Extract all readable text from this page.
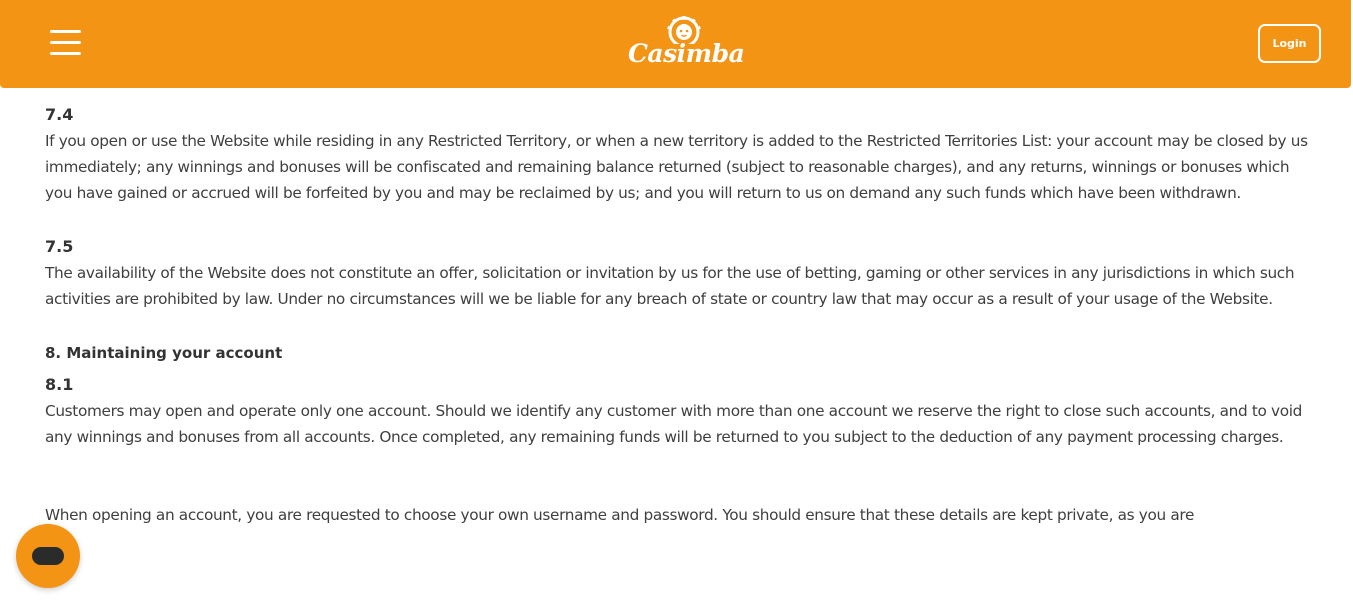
Casimba	Login
7.4

If you open or use the Website while residing in any Restricted Territory, or when a new territory is added to the Restricted Territories List: your account may be closed by us immediately; any winnings and bonuses will be confiscated and remaining balance returned (subject to reasonable charges), and any returns, winnings or bonuses which you have gained or accrued will be forfeited by you and may be reclaimed by us; and you will return to us on demand any such funds which have been withdrawn.

7.5

The availability of the Website does not constitute an offer, solicitation or invitation by us for the use of betting, gaming or other services in any jurisdictions in which such activities are prohibited by law. Under no circumstances will we be liable for any breach of state or country law that may occur as a result of your usage of the Website.

8. Maintaining your account
8.1

Customers may open and operate only one account. Should we identify any customer with more than one account we reserve the right to close such accounts, and to void any winnings and bonuses from all accounts. Once completed, any remaining funds will be returned to you subject to the deduction of any payment processing charges.

When opening an account, you are requested to choose your own username and password. You should ensure that these details are kept private, as you are
